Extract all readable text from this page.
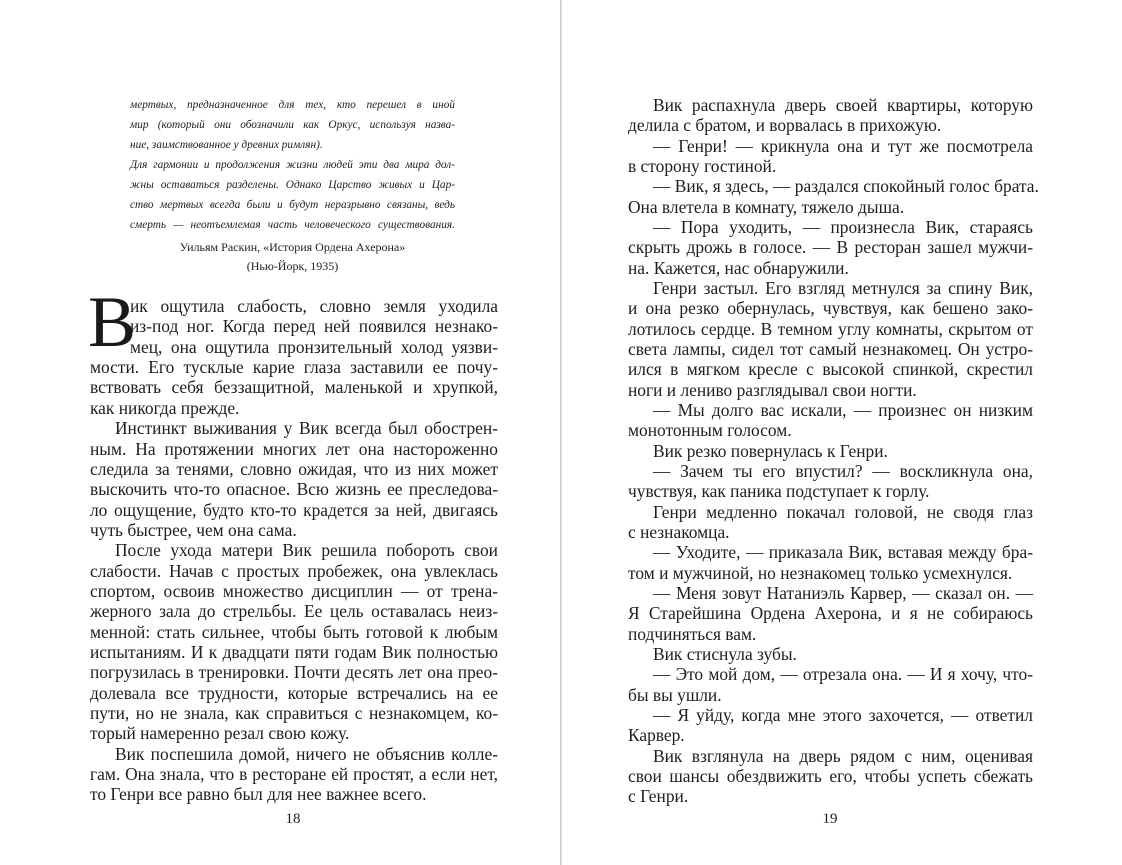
мертвых, предназначенное для тех, кто перешел в иной
мир (который они обозначили как Оркус, используя назва-
ние, заимствованное у древних римлян).
Для гармонии и продолжения жизни людей эти два мира дол-
жны оставаться разделены. Однако Царство живых и Цар-
ство мертвых всегда были и будут неразрывно связаны, ведь
смерть — неотъемлемая часть человеческого существования.
Уильям Раскин, «История Ордена Ахерона»
(Нью-Йорк, 1935)
В
ик ощутила слабость, словно земля уходила
из-под ног. Когда перед ней появился незнако-
мец, она ощутила пронзительный холод уязви-
мости. Его тусклые карие глаза заставили ее почу-
вствовать себя беззащитной, маленькой и хрупкой,
как никогда прежде.
Инстинкт выживания у Вик всегда был обострен-
ным. На протяжении многих лет она настороженно
следила за тенями, словно ожидая, что из них может
выскочить что-то опасное. Всю жизнь ее преследова-
ло ощущение, будто кто-то крадется за ней, двигаясь
чуть быстрее, чем она сама.
После ухода матери Вик решила побороть свои
слабости. Начав с простых пробежек, она увлеклась
спортом, освоив множество дисциплин — от трена-
жерного зала до стрельбы. Ее цель оставалась неиз-
менной: стать сильнее, чтобы быть готовой к любым
испытаниям. И к двадцати пяти годам Вик полностью
погрузилась в тренировки. Почти десять лет она прео-
долевала все трудности, которые встречались на ее
пути, но не знала, как справиться с незнакомцем, ко-
торый намеренно резал свою кожу.
Вик поспешила домой, ничего не объяснив колле-
гам. Она знала, что в ресторане ей простят, а если нет,
то Генри все равно был для нее важнее всего.
18
Вик распахнула дверь своей квартиры, которую
делила с братом, и ворвалась в прихожую.
— Генри! — крикнула она и тут же посмотрела
в сторону гостиной.
— Вик, я здесь, — раздался спокойный голос брата.
Она влетела в комнату, тяжело дыша.
— Пора уходить, — произнесла Вик, стараясь
скрыть дрожь в голосе. — В ресторан зашел мужчи-
на. Кажется, нас обнаружили.
Генри застыл. Его взгляд метнулся за спину Вик,
и она резко обернулась, чувствуя, как бешено зако-
лотилось сердце. В темном углу комнаты, скрытом от
света лампы, сидел тот самый незнакомец. Он устро-
ился в мягком кресле с высокой спинкой, скрестил
ноги и лениво разглядывал свои ногти.
— Мы долго вас искали, — произнес он низким
монотонным голосом.
Вик резко повернулась к Генри.
— Зачем ты его впустил? — воскликнула она,
чувствуя, как паника подступает к горлу.
Генри медленно покачал головой, не сводя глаз
с незнакомца.
— Уходите, — приказала Вик, вставая между бра-
том и мужчиной, но незнакомец только усмехнулся.
— Меня зовут Натаниэль Карвер, — сказал он. —
Я Старейшина Ордена Ахерона, и я не собираюсь
подчиняться вам.
Вик стиснула зубы.
— Это мой дом, — отрезала она. — И я хочу, что-
бы вы ушли.
— Я уйду, когда мне этого захочется, — ответил
Карвер.
Вик взглянула на дверь рядом с ним, оценивая
свои шансы обездвижить его, чтобы успеть сбежать
с Генри.
19
